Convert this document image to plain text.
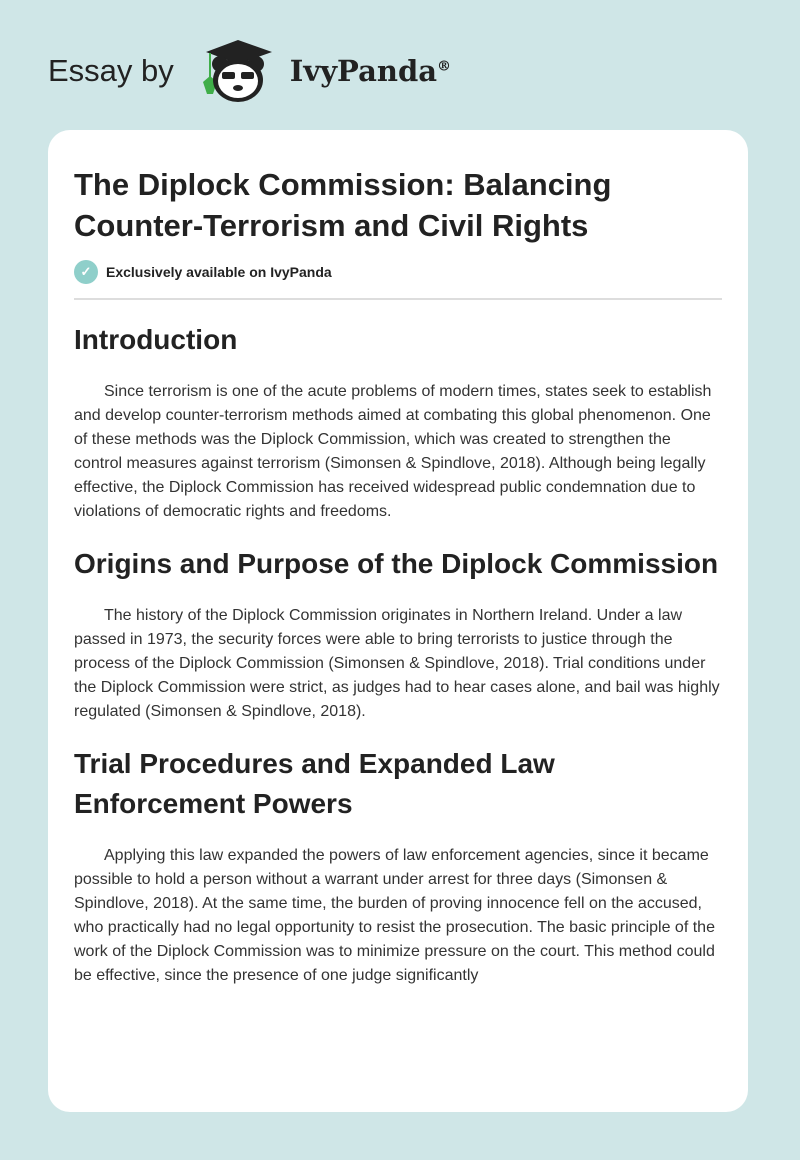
Essay by	IvyPanda®
The Diplock Commission: Balancing Counter-Terrorism and Civil Rights
✓	Exclusively available on IvyPanda
Introduction

Since terrorism is one of the acute problems of modern times, states seek to establish and develop counter-terrorism methods aimed at combating this global phenomenon. One of these methods was the Diplock Commission, which was created to strengthen the control measures against terrorism (Simonsen & Spindlove, 2018). Although being legally effective, the Diplock Commission has received widespread public condemnation due to violations of democratic rights and freedoms.

Origins and Purpose of the Diplock Commission

The history of the Diplock Commission originates in Northern Ireland. Under a law passed in 1973, the security forces were able to bring terrorists to justice through the process of the Diplock Commission (Simonsen & Spindlove, 2018). Trial conditions under the Diplock Commission were strict, as judges had to hear cases alone, and bail was highly regulated (Simonsen & Spindlove, 2018).

Trial Procedures and Expanded Law Enforcement Powers

Applying this law expanded the powers of law enforcement agencies, since it became possible to hold a person without a warrant under arrest for three days (Simonsen & Spindlove, 2018). At the same time, the burden of proving innocence fell on the accused, who practically had no legal opportunity to resist the prosecution. The basic principle of the work of the Diplock Commission was to minimize pressure on the court. This method could be effective, since the presence of one judge significantly
